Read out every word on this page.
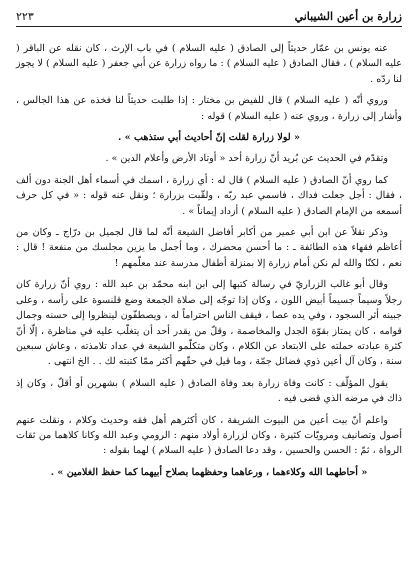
زرارة بن أعين الشيباني
٢٢٣

عنه يونس بن عمّار حديثاً إلى الصادق ( عليه السلام ) في باب الإرث ، كان نقله عن الباقر ( عليه السلام ) ، فقال الصادق ( عليه السلام ) : ما رواه زرارة عن أبي جعفر ( عليه السلام ) لا يجوز لنا ردّه .

وروي أنّه ( عليه السلام ) قال للفيض بن مختار : إذا طلبت حديثاً لنا فخذه عن هذا الجالس ، وأشار إلى زرارة ، وروي عنه ( عليه السلام ) قوله :

« لولا زرارة لقلت إنّ أحاديث أبي ستذهب » .

وتقدّم في الحديث عن بُريد أنّ زرارة أحد « أوتاد الأرض وأعلام الدين » .

كما روي أنّ الصادق ( عليه السلام ) قال له : أي زرارة ، اسمك في أسماء أهل الجنة دون ألف ، فقال : أجل جعلت فداك ، فاسمي عبد ربّه ، ولقّبت بزرارة ؛ ونقل عنه قوله : « في كل حرف أسمعه من الإمام الصادق ( عليه السلام ) أزداد إيماناً » .

وذكر نقلاً عن ابن أبي عمير من أكابر أفاضل الشيعة أنّه لما قال لجميل بن درّاج ـ وكان من أعاظم فقهاء هذه الطائفة ـ : ما أحسن محضرك ، وما أجمل ما يزين مجلسك من منفعة ! قال : نعم ، لكنّا والله لم نكن أمام زرارة إلا بمنزلة أطفال مدرسة عند معلّمهم !

وقال أبو غالب الزراريّ في رسالة كتبها إلى ابن ابنه محمّد بن عبد الله : روي أنّ زرارة كان رجلاً وسيماً جسيماً أبيض اللون ، وكان إذا توجّه إلى صلاة الجمعة وضع قلنسوة على رأسه ، وعلى جبينه أثر السجود ، وفي يده عصا ، فيقف الناس احتراماً له ، ويصطفّون لينظروا إلى حسنه وجمال قوامه ، كان يمتاز بقوّة الجدل والمخاصمة ، وقلّ من يقدر أحد أن يتغلّب عليه في مناظرة ، إلّا أنّ كثرة عبادته حملته على الابتعاد عن الكلام ، وكان متكلّمو الشيعة في عداد تلامذته ، وعاش سبعين سنة ، وكان آل أعين ذوي فضائل جمّة ، وما قيل في حقّهم أكثر ممّا كتبته لك . . الخ انتهى .

يقول المؤلّف : كانت وفاة زرارة بعد وفاة الصادق ( عليه السلام ) بشهرين أو أقلّ ، وكان إذ ذاك في مرضه الذي قضى فيه .

واعلم أنّ بيت أعين من البيوت الشريفة ، كان أكثرهم أهل فقه وحديث وكلام ، ونقلت عنهم أصول وتصانيف ومرويّات كثيرة ، وكان لزرارة أولاد منهم : الرومي وعبد الله وكانا كلاهما من ثقات الرواة ، ثمّ : الحسن والحسين ، وقد دعا الصادق ( عليه السلام ) لهما بقوله :

« أحاطهما الله وكلاءهما ، ورعاهما وحفظهما بصلاح أبيهما كما حفظ الغلامين » .
